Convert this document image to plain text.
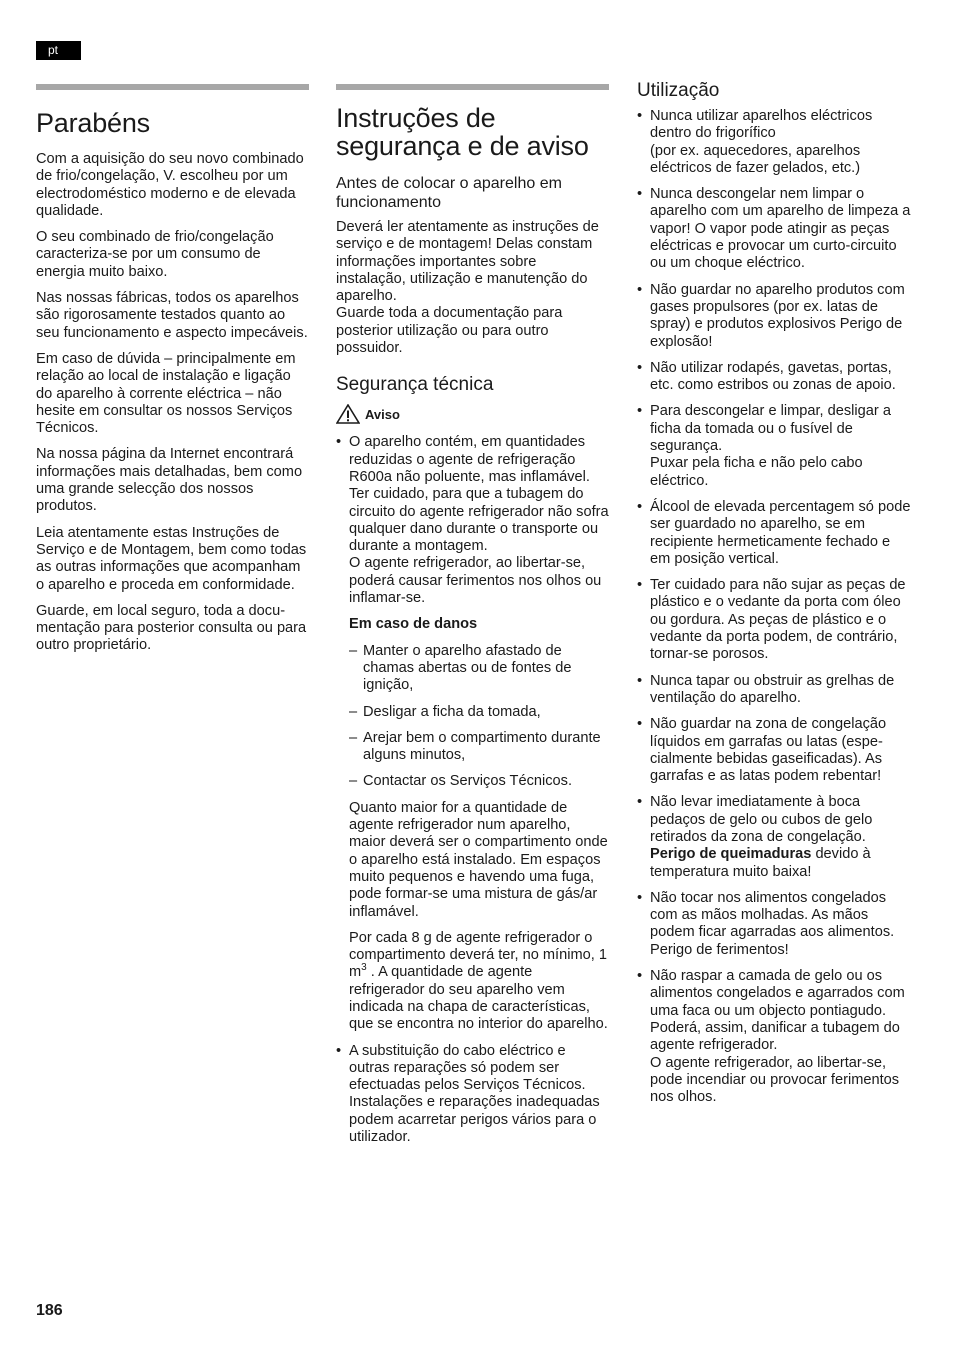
pt
Parabéns

Com a aquisição do seu novo combinado de frio/congelação, V. escolheu por um electrodoméstico moderno e de elevada qualidade.

O seu combinado de frio/congelação caracteriza-se por um consumo de energia muito baixo.

Nas nossas fábricas, todos os aparelhos são rigorosamente testados quanto ao seu funcionamento e aspecto impecáveis.

Em caso de dúvida – principalmente em relação ao local de instalação e ligação do aparelho à corrente eléctrica – não hesite em consultar os nossos Serviços Técnicos.

Na nossa página da Internet encontrará informações mais detalhadas, bem como uma grande selecção dos nossos produtos.

Leia atentamente estas Instruções de Serviço e de Montagem, bem como todas as outras informações que acompanham o aparelho e proceda em conformidade.

Guarde, em local seguro, toda a documentação para posterior consulta ou para outro proprietário.

Instruções de
segurança e de aviso
Antes de colocar o aparelho em funcionamento

Deverá ler atentamente as instruções de serviço e de montagem! Delas constam informações importantes sobre instalação, utilização e manutenção do aparelho.

Guarde toda a documentação para posterior utilização ou para outro possuidor.

Segurança técnica
Aviso
• O aparelho contém, em quantidades reduzidas o agente de refrigeração R600a não poluente, mas inflamável. Ter cuidado, para que a tubagem do circuito do agente refrigerador não sofra qualquer dano durante o transporte ou durante a montagem.
O agente refrigerador, ao libertar-se, poderá causar ferimentos nos olhos ou inflamar-se.
Em caso de danos
– Manter o aparelho afastado de chamas abertas ou de fontes de ignição,
– Desligar a ficha da tomada,
– Arejar bem o compartimento durante alguns minutos,
– Contactar os Serviços Técnicos.

Quanto maior for a quantidade de agente refrigerador num aparelho, maior deverá ser o compartimento onde o aparelho está instalado. Em espaços muito pequenos e havendo uma fuga, pode formar-se uma mistura de gás/ar inflamável.

Por cada 8 g de agente refrigerador o compartimento deverá ter, no mínimo, 1 $m^3$ . A quantidade de agente refrigerador do seu aparelho vem indicada na chapa de características, que se encontra no interior do aparelho.

• A substituição do cabo eléctrico e outras reparações só podem ser efectuadas pelos Serviços Técnicos. Instalações e reparações inadequadas podem acarretar perigos vários para o utilizador.
Utilização
• Nunca utilizar aparelhos eléctricos dentro do frigorífico
(por ex. aquecedores, aparelhos eléctricos de fazer gelados, etc.)
• Nunca descongelar nem limpar o aparelho com um aparelho de limpeza a vapor! O vapor pode atingir as peças eléctricas e provocar um curto-circuito ou um choque eléctrico.
• Não guardar no aparelho produtos com gases propulsores (por ex. latas de spray) e produtos explosivos Perigo de explosão!
• Não utilizar rodapés, gavetas, portas, etc. como estribos ou zonas de apoio.
• Para descongelar e limpar, desligar a ficha da tomada ou o fusível de segurança.
Puxar pela ficha e não pelo cabo eléctrico.
• Álcool de elevada percentagem só pode ser guardado no aparelho, se em recipiente hermeticamente fechado e em posição vertical.
• Ter cuidado para não sujar as peças de plástico e o vedante da porta com óleo ou gordura. As peças de plástico e o vedante da porta podem, de contrário, tornar-se porosos.
• Nunca tapar ou obstruir as grelhas de ventilação do aparelho.
• Não guardar na zona de congelação líquidos em garrafas ou latas (especialmente bebidas gaseificadas). As garrafas e as latas podem rebentar!
• Não levar imediatamente à boca pedaços de gelo ou cubos de gelo retirados da zona de congelação. Perigo de queimaduras devido à temperatura muito baixa!
• Não tocar nos alimentos congelados com as mãos molhadas. As mãos podem ficar agarradas aos alimentos. Perigo de ferimentos!
• Não raspar a camada de gelo ou os alimentos congelados e agarrados com uma faca ou um objecto pontiagudo. Poderá, assim, danificar a tubagem do agente refrigerador.
O agente refrigerador, ao libertar-se, pode incendiar ou provocar ferimentos nos olhos.
186
